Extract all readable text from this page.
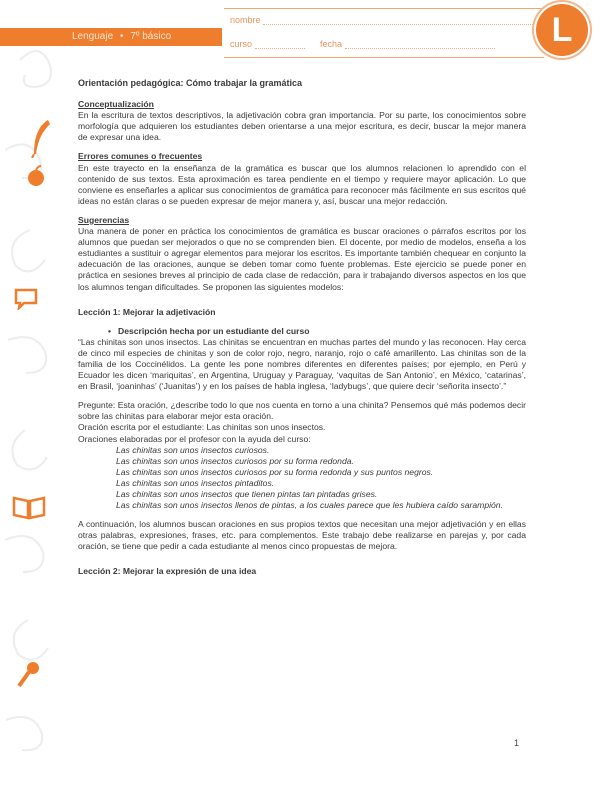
Lenguaje • 7º básico
nombre
curso	fecha	L

Orientación pedagógica: Cómo trabajar la gramática

Conceptualización

En la escritura de textos descriptivos, la adjetivación cobra gran importancia. Por su parte, los conocimientos sobre morfología que adquieren los estudiantes deben orientarse a una mejor escritura, es decir, buscar la mejor manera de expresar una idea.

Errores comunes o frecuentes

En este trayecto en la enseñanza de la gramática es buscar que los alumnos relacionen lo aprendido con el contenido de sus textos. Esta aproximación es tarea pendiente en el tiempo y requiere mayor aplicación. Lo que conviene es enseñarles a aplicar sus conocimientos de gramática para reconocer más fácilmente en sus escritos qué ideas no están claras o se pueden expresar de mejor manera y, así, buscar una mejor redacción.

Sugerencias

Una manera de poner en práctica los conocimientos de gramática es buscar oraciones o párrafos escritos por los alumnos que puedan ser mejorados o que no se comprenden bien. El docente, por medio de modelos, enseña a los estudiantes a sustituir o agregar elementos para mejorar los escritos. Es importante también chequear en conjunto la adecuación de las oraciones, aunque se deben tomar como fuente problemas. Este ejercicio se puede poner en práctica en sesiones breves al principio de cada clase de redacción, para ir trabajando diversos aspectos en los que los alumnos tengan dificultades. Se proponen las siguientes modelos:

Lección 1: Mejorar la adjetivación

• Descripción hecha por un estudiante del curso

“Las chinitas son unos insectos. Las chinitas se encuentran en muchas partes del mundo y las reconocen. Hay cerca de cinco mil especies de chinitas y son de color rojo, negro, naranjo, rojo o café amarillento. Las chinitas son de la familia de los Coccinélidos. La gente les pone nombres diferentes en diferentes países; por ejemplo, en Perú y Ecuador les dicen ‘mariquitas’, en Argentina, Uruguay y Paraguay, ‘vaquitas de San Antonio’, en México, ‘catarinas’, en Brasil, ‘joaninhas’ (‘Juanitas’) y en los países de habla inglesa, ‘ladybugs’, que quiere decir ‘señorita insecto’.”

Pregunte: Esta oración, ¿describe todo lo que nos cuenta en torno a una chinita? Pensemos qué más podemos decir sobre las chinitas para elaborar mejor esta oración.

Oración escrita por el estudiante: Las chinitas son unos insectos.

Oraciones elaboradas por el profesor con la ayuda del curso:

Las chinitas son unos insectos curiosos.

Las chinitas son unos insectos curiosos por su forma redonda.

Las chinitas son unos insectos curiosos por su forma redonda y sus puntos negros.

Las chinitas son unos insectos pintaditos.

Las chinitas son unos insectos que tienen pintas tan pintadas grises.

Las chinitas son unos insectos llenos de pintas, a los cuales parece que les hubiera caído sarampión.

A continuación, los alumnos buscan oraciones en sus propios textos que necesitan una mejor adjetivación y en ellas otras palabras, expresiones, frases, etc. para complementos. Este trabajo debe realizarse en parejas y, por cada oración, se tiene que pedir a cada estudiante al menos cinco propuestas de mejora.

Lección 2: Mejorar la expresión de una idea

1
